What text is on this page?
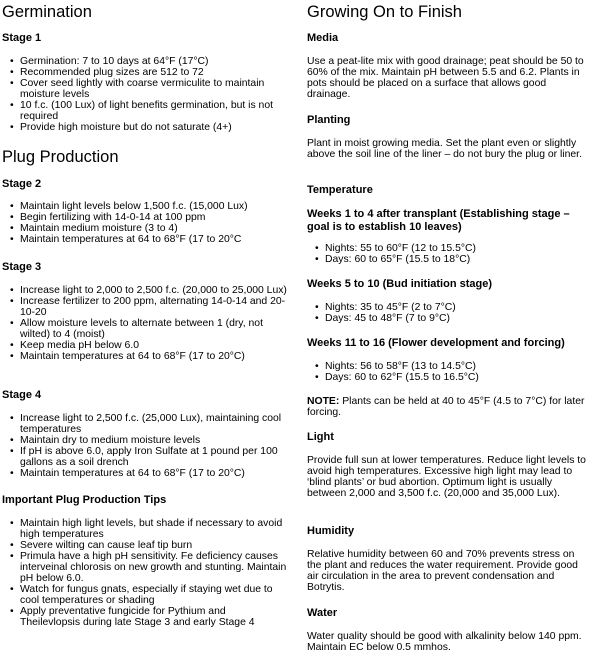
Germination
Stage 1
• Germination: 7 to 10 days at 64°F (17°C)
• Recommended plug sizes are 512 to 72
• Cover seed lightly with coarse vermiculite to maintain moisture levels
• 10 f.c. (100 Lux) of light benefits germination, but is not required
• Provide high moisture but do not saturate (4+)
Plug Production
Stage 2
• Maintain light levels below 1,500 f.c. (15,000 Lux)
• Begin fertilizing with 14-0-14 at 100 ppm
• Maintain medium moisture (3 to 4)
• Maintain temperatures at 64 to 68°F (17 to 20°C
Stage 3
• Increase light to 2,000 to 2,500 f.c. (20,000 to 25,000 Lux)
• Increase fertilizer to 200 ppm, alternating 14-0-14 and 20-10-20
• Allow moisture levels to alternate between 1 (dry, not wilted) to 4 (moist)
• Keep media pH below 6.0
• Maintain temperatures at 64 to 68°F (17 to 20°C)
Stage 4
• Increase light to 2,500 f.c. (25,000 Lux), maintaining cool temperatures
• Maintain dry to medium moisture levels
• If pH is above 6.0, apply Iron Sulfate at 1 pound per 100 gallons as a soil drench
• Maintain temperatures at 64 to 68°F (17 to 20°C)
Important Plug Production Tips
• Maintain high light levels, but shade if necessary to avoid high temperatures
• Severe wilting can cause leaf tip burn
• Primula have a high pH sensitivity. Fe deficiency causes interveinal chlorosis on new growth and stunting. Maintain pH below 6.0.
• Watch for fungus gnats, especially if staying wet due to cool temperatures or shading
• Apply preventative fungicide for Pythium and Theilevlopsis during late Stage 3 and early Stage 4
Growing On to Finish
Media

Use a peat-lite mix with good drainage; peat should be 50 to 60% of the mix. Maintain pH between 5.5 and 6.2. Plants in pots should be placed on a surface that allows good drainage.

Planting

Plant in moist growing media. Set the plant even or slightly above the soil line of the liner – do not bury the plug or liner.

Temperature
Weeks 1 to 4 after transplant (Establishing stage – goal is to establish 10 leaves)
• Nights: 55 to 60°F (12 to 15.5°C)
• Days: 60 to 65°F (15.5 to 18°C)
Weeks 5 to 10 (Bud initiation stage)
• Nights: 35 to 45°F (2 to 7°C)
• Days: 45 to 48°F (7 to 9°C)
Weeks 11 to 16 (Flower development and forcing)
• Nights: 56 to 58°F (13 to 14.5°C)
• Days: 60 to 62°F (15.5 to 16.5°C)

NOTE: Plants can be held at 40 to 45°F (4.5 to 7°C) for later forcing.

Light

Provide full sun at lower temperatures. Reduce light levels to avoid high temperatures. Excessive high light may lead to ‘blind plants’ or bud abortion. Optimum light is usually between 2,000 and 3,500 f.c. (20,000 and 35,000 Lux).

Humidity

Relative humidity between 60 and 70% prevents stress on the plant and reduces the water requirement. Provide good air circulation in the area to prevent condensation and Botrytis.

Water

Water quality should be good with alkalinity below 140 ppm. Maintain EC below 0.5 mmhos.
